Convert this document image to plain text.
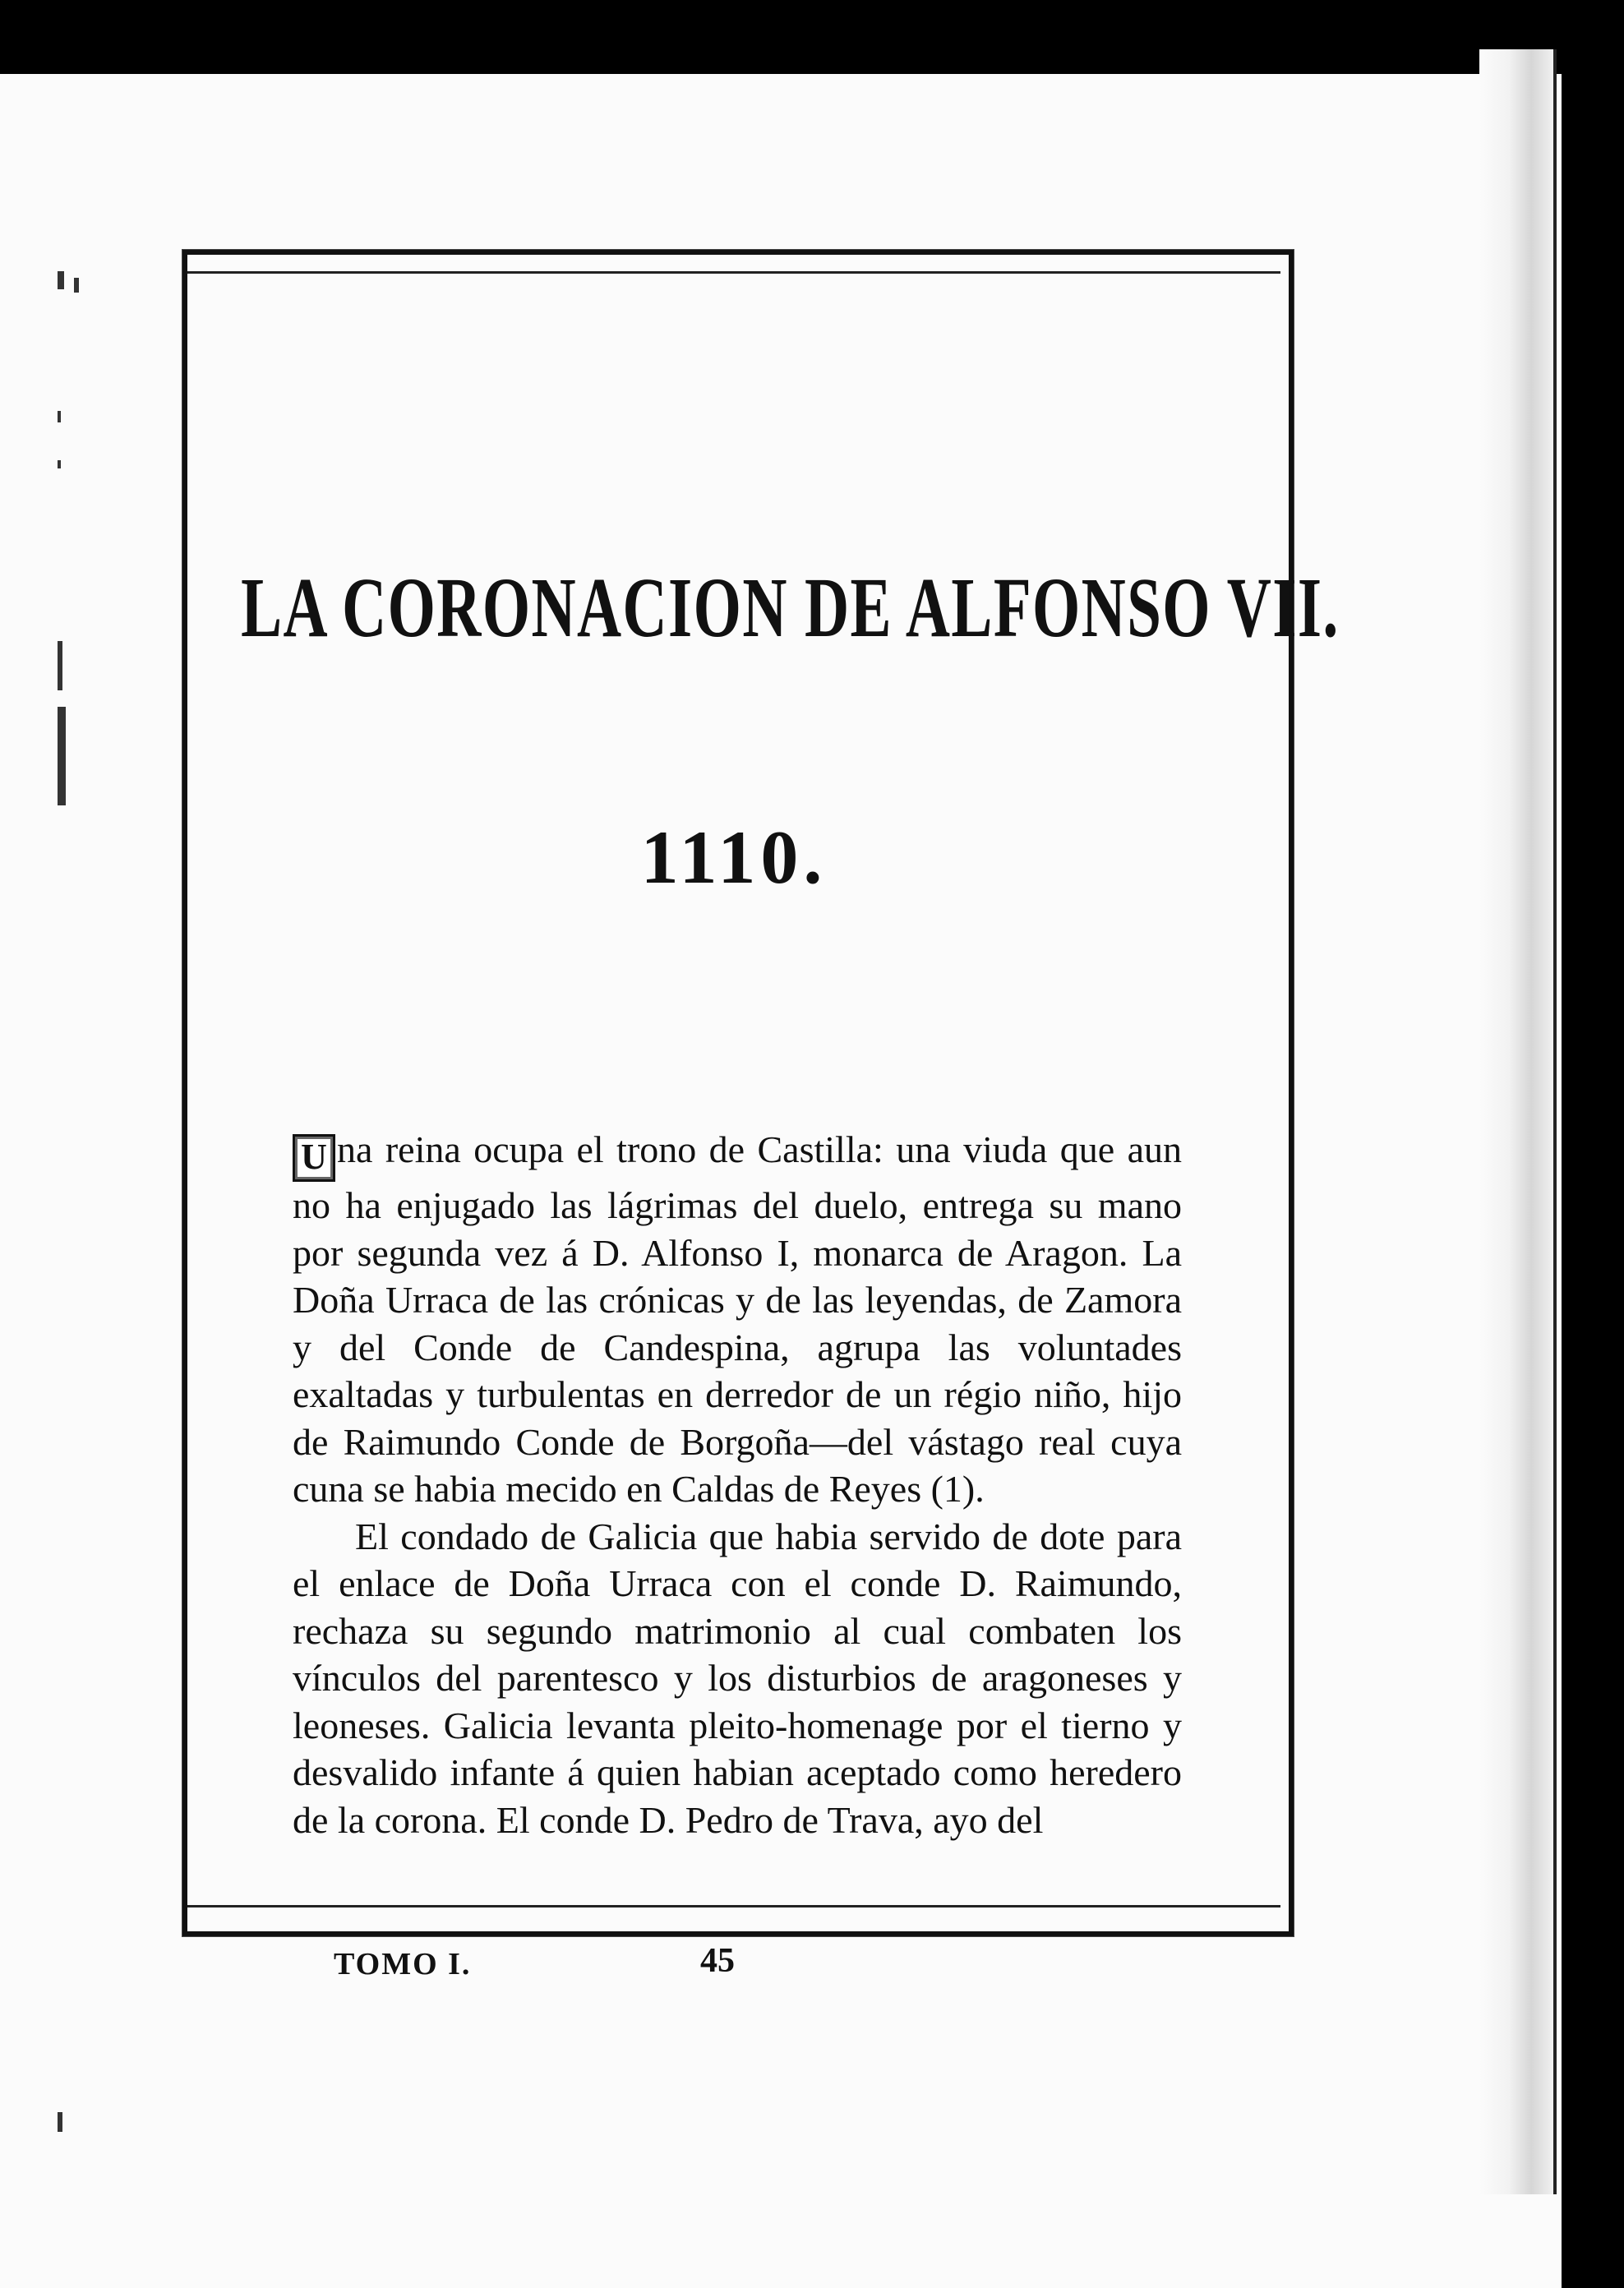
LA CORONACION DE ALFONSO VII.
1110.

U na reina ocupa el trono de Castilla: una viuda que aun no ha enjugado las lágrimas del duelo, entrega su mano por segunda vez á D. Alfonso I, monarca de Aragon. La Doña Urraca de las crónicas y de las leyendas, de Zamora y del Conde de Candespina, agrupa las voluntades exaltadas y turbulentas en derredor de un régio niño, hijo de Raimundo Conde de Borgoña—del vástago real cuya cuna se habia mecido en Caldas de Reyes (1).

El condado de Galicia que habia servido de dote para el enlace de Doña Urraca con el conde D. Raimundo, rechaza su segundo matrimonio al cual combaten los vínculos del parentesco y los disturbios de aragoneses y leoneses. Galicia levanta pleito-homenage por el tierno y desvalido infante á quien habian aceptado como heredero de la corona. El conde D. Pedro de Trava, ayo del

TOMO I.	45
